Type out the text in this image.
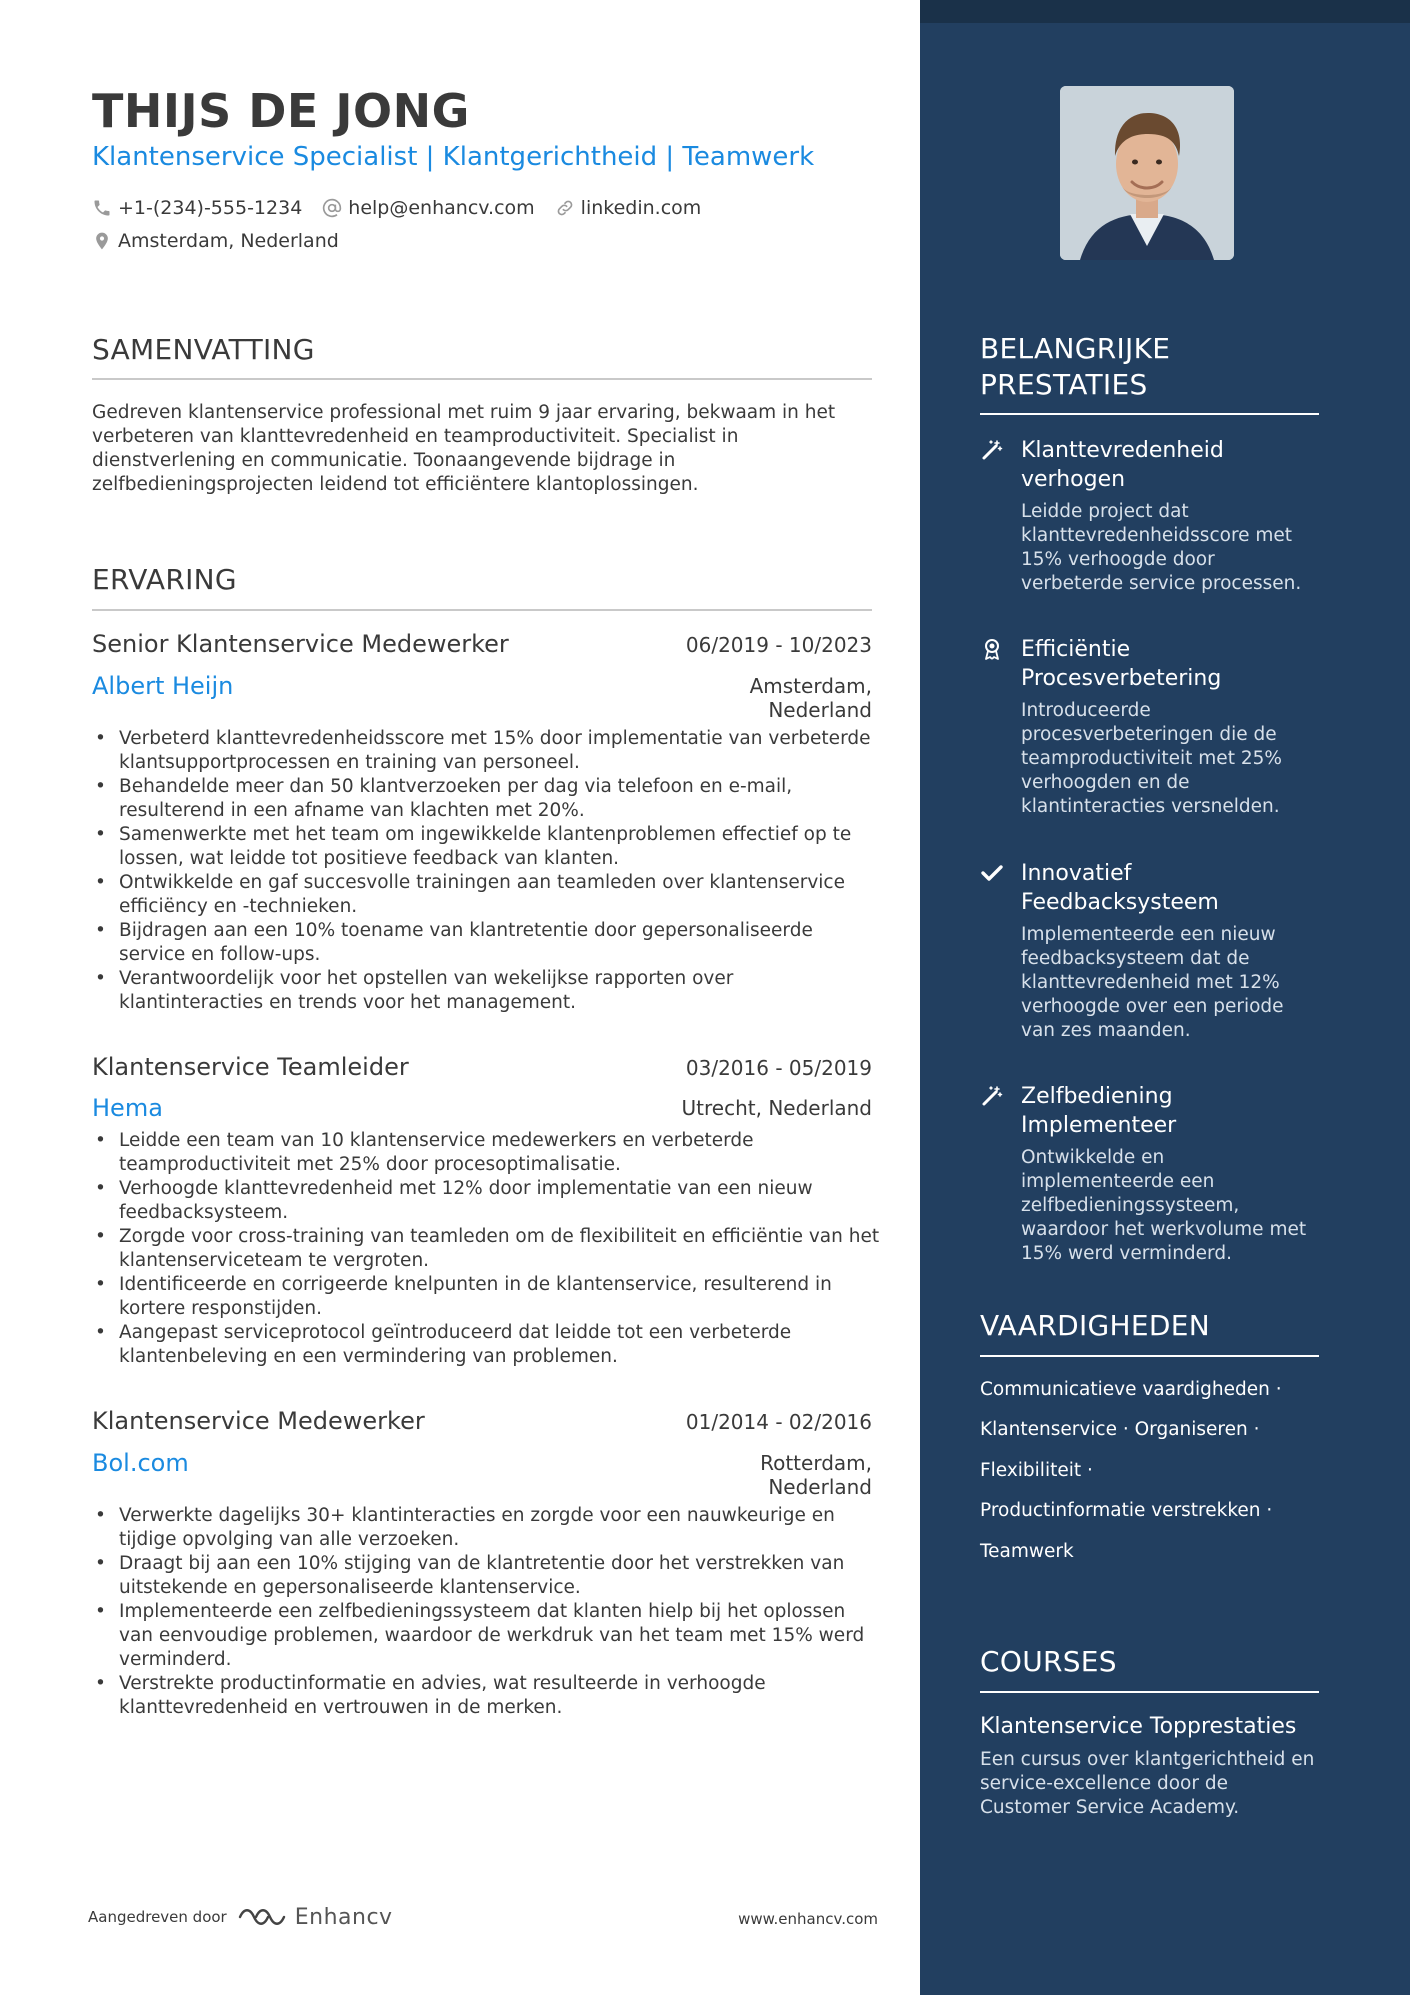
THIJS DE JONG
Klantenservice Specialist | Klantgerichtheid | Teamwerk
+1-(234)-555-1234 help@enhancv.com linkedin.com
Amsterdam, Nederland
SAMENVATTING
Gedreven klantenservice professional met ruim 9 jaar ervaring, bekwaam in het verbeteren van klanttevredenheid en teamproductiviteit. Specialist in dienstverlening en communicatie. Toonaangevende bijdrage in zelfbedieningsprojecten leidend tot efficiëntere klantoplossingen.
ERVARING
Senior Klantenservice Medewerker	06/2019 - 10/2023
Albert Heijn	Amsterdam, Nederland
• Verbeterd klanttevredenheidsscore met 15% door implementatie van verbeterde klantsupportprocessen en training van personeel.
• Behandelde meer dan 50 klantverzoeken per dag via telefoon en e-mail, resulterend in een afname van klachten met 20%.
• Samenwerkte met het team om ingewikkelde klantenproblemen effectief op te lossen, wat leidde tot positieve feedback van klanten.
• Ontwikkelde en gaf succesvolle trainingen aan teamleden over klantenservice efficiëncy en -technieken.
• Bijdragen aan een 10% toename van klantretentie door gepersonaliseerde service en follow-ups.
• Verantwoordelijk voor het opstellen van wekelijkse rapporten over klantinteracties en trends voor het management.
Klantenservice Teamleider	03/2016 - 05/2019
Hema	Utrecht, Nederland
• Leidde een team van 10 klantenservice medewerkers en verbeterde teamproductiviteit met 25% door procesoptimalisatie.
• Verhoogde klanttevredenheid met 12% door implementatie van een nieuw feedbacksysteem.
• Zorgde voor cross-training van teamleden om de flexibiliteit en efficiëntie van het klantenserviceteam te vergroten.
• Identificeerde en corrigeerde knelpunten in de klantenservice, resulterend in kortere responstijden.
• Aangepast serviceprotocol geïntroduceerd dat leidde tot een verbeterde klantenbeleving en een vermindering van problemen.
Klantenservice Medewerker	01/2014 - 02/2016
Bol.com	Rotterdam, Nederland
• Verwerkte dagelijks 30+ klantinteracties en zorgde voor een nauwkeurige en tijdige opvolging van alle verzoeken.
• Draagt bij aan een 10% stijging van de klantretentie door het verstrekken van uitstekende en gepersonaliseerde klantenservice.
• Implementeerde een zelfbedieningssysteem dat klanten hielp bij het oplossen van eenvoudige problemen, waardoor de werkdruk van het team met 15% werd verminderd.
• Verstrekte productinformatie en advies, wat resulteerde in verhoogde klanttevredenheid en vertrouwen in de merken.
Aangedreven door	Enhancv	www.enhancv.com
BELANGRIJKE PRESTATIES
Klanttevredenheid verhogen
Leidde project dat klanttevredenheidsscore met 15% verhoogde door verbeterde service processen.
Efficiëntie Procesverbetering
Introduceerde procesverbeteringen die de teamproductiviteit met 25% verhoogden en de klantinteracties versnelden.
Innovatief Feedbacksysteem
Implementeerde een nieuw feedbacksysteem dat de klanttevredenheid met 12% verhoogde over een periode van zes maanden.
Zelfbediening Implementeer
Ontwikkelde en implementeerde een zelfbedieningssysteem, waardoor het werkvolume met 15% werd verminderd.
VAARDIGHEDEN
Communicatieve vaardigheden ·
Klantenservice · Organiseren ·
Flexibiliteit ·
Productinformatie verstrekken ·
Teamwerk
COURSES
Klantenservice Topprestaties
Een cursus over klantgerichtheid en service-excellence door de Customer Service Academy.
